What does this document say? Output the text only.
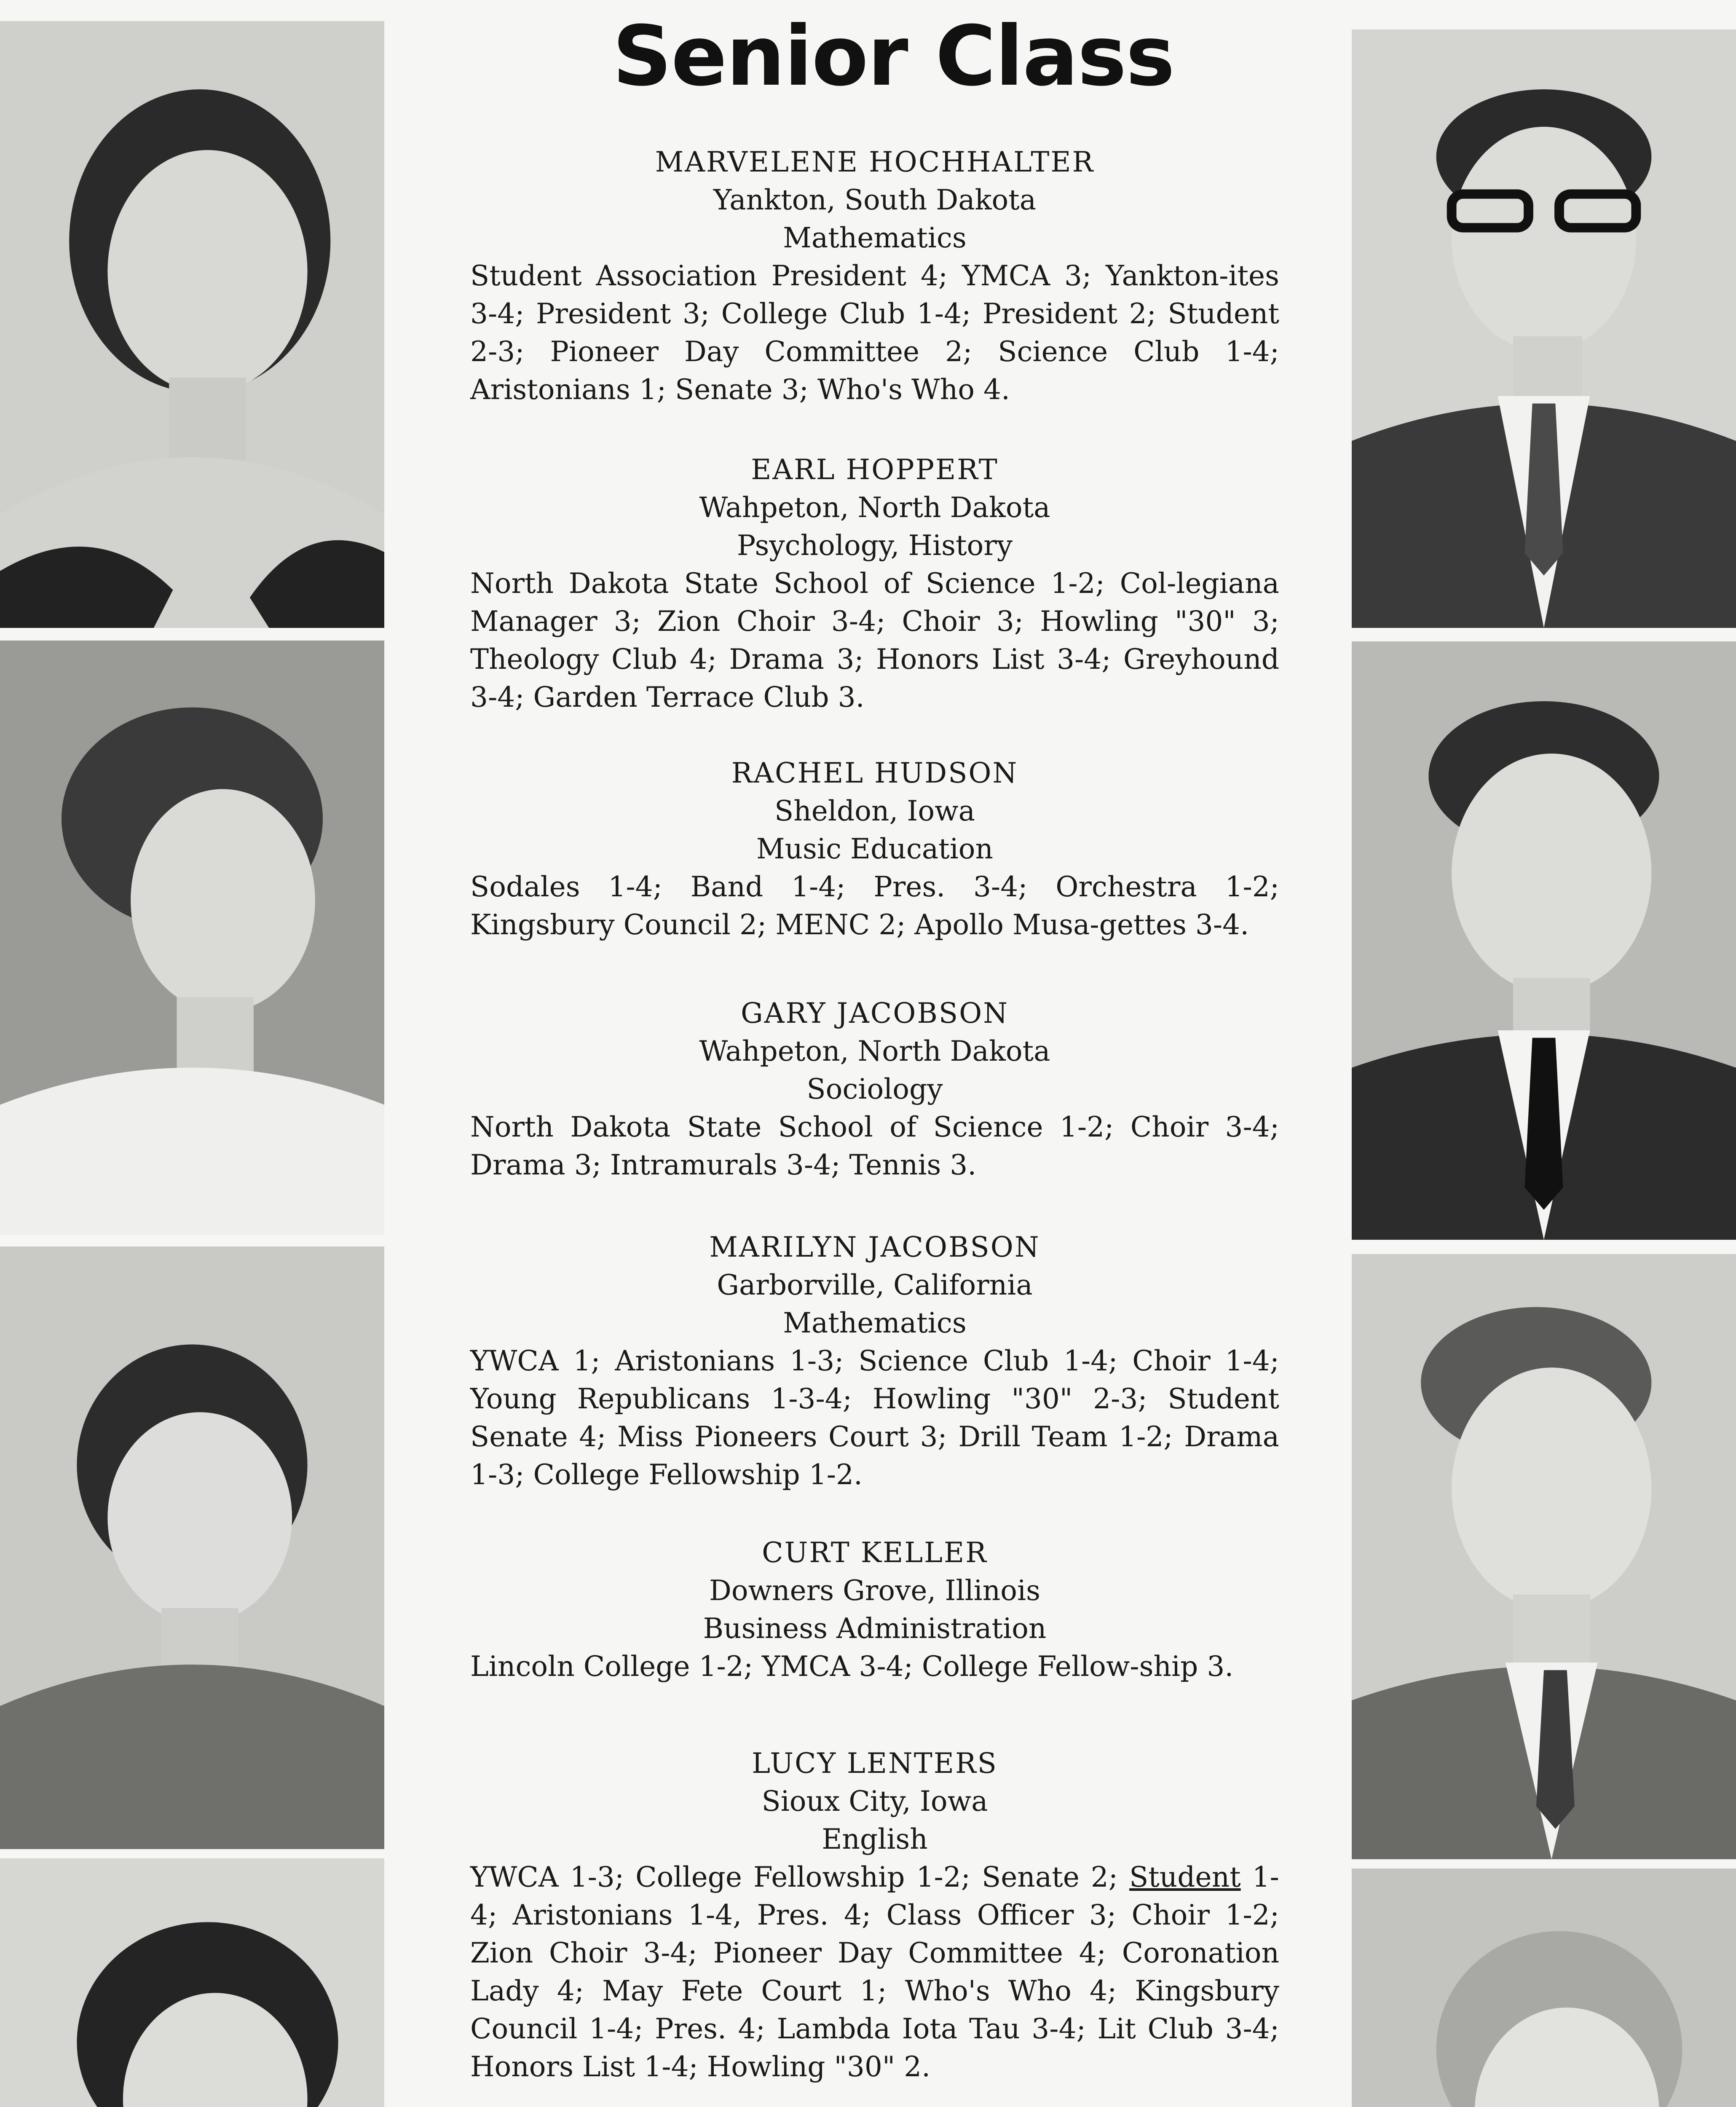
Senior Class
MARVELENE HOCHHALTER
Yankton, South Dakota
Mathematics
Student Association President 4; YMCA 3; Yankton-ites 3-4; President 3; College Club 1-4; President 2; Student 2-3; Pioneer Day Committee 2; Science Club 1-4; Aristonians 1; Senate 3; Who's Who 4.
EARL HOPPERT
Wahpeton, North Dakota
Psychology, History
North Dakota State School of Science 1-2; Col-legiana Manager 3; Zion Choir 3-4; Choir 3; Howling "30" 3; Theology Club 4; Drama 3; Honors List 3-4; Greyhound 3-4; Garden Terrace Club 3.
RACHEL HUDSON
Sheldon, Iowa
Music Education
Sodales 1-4; Band 1-4; Pres. 3-4; Orchestra 1-2; Kingsbury Council 2; MENC 2; Apollo Musa-gettes 3-4.
GARY JACOBSON
Wahpeton, North Dakota
Sociology
North Dakota State School of Science 1-2; Choir 3-4; Drama 3; Intramurals 3-4; Tennis 3.
MARILYN JACOBSON
Garborville, California
Mathematics
YWCA 1; Aristonians 1-3; Science Club 1-4; Choir 1-4; Young Republicans 1-3-4; Howling "30" 2-3; Student Senate 4; Miss Pioneers Court 3; Drill Team 1-2; Drama 1-3; College Fellowship 1-2.
CURT KELLER
Downers Grove, Illinois
Business Administration
Lincoln College 1-2; YMCA 3-4; College Fellow-ship 3.
LUCY LENTERS
Sioux City, Iowa
English
YWCA 1-3; College Fellowship 1-2; Senate 2; Student 1-4; Aristonians 1-4, Pres. 4; Class Officer 3; Choir 1-2; Zion Choir 3-4; Pioneer Day Committee 4; Coronation Lady 4; May Fete Court 1; Who's Who 4; Kingsbury Council 1-4; Pres. 4; Lambda Iota Tau 3-4; Lit Club 3-4; Honors List 1-4; Howling "30" 2.
